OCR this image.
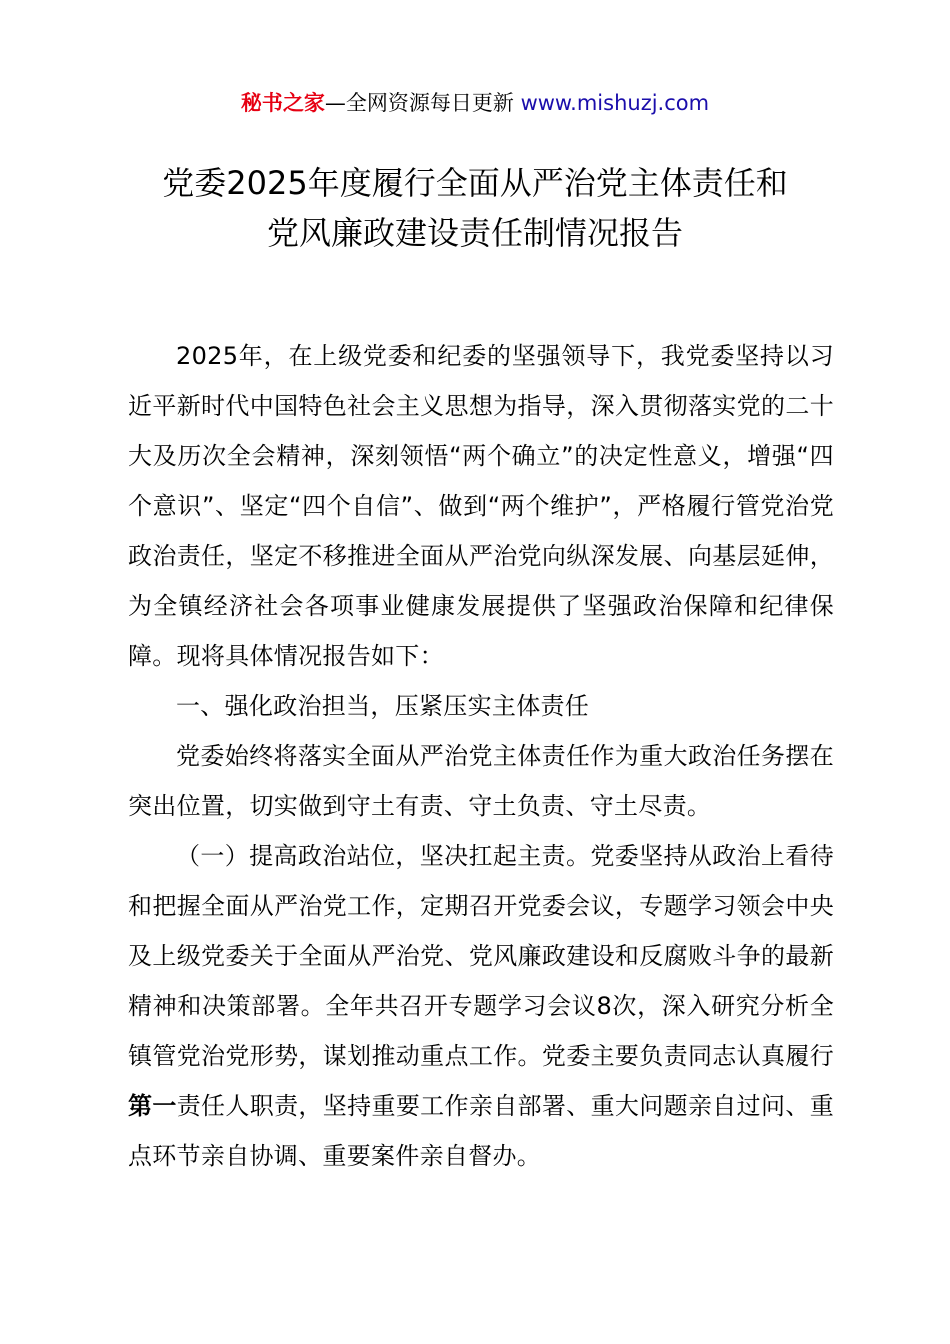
秘书之家—全网资源每日更新 www.mishuzj.com
党委2025年度履行全面从严治党主体责任和
党风廉政建设责任制情况报告

2025年，在上级党委和纪委的坚强领导下，我党委坚持以习近平新时代中国特色社会主义思想为指导，深入贯彻落实党的二十大及历次全会精神，深刻领悟“两个确立”的决定性意义，增强“四个意识”、坚定“四个自信”、做到“两个维护”，严格履行管党治党政治责任，坚定不移推进全面从严治党向纵深发展、向基层延伸，为全镇经济社会各项事业健康发展提供了坚强政治保障和纪律保障。现将具体情况报告如下：

一、强化政治担当，压紧压实主体责任

党委始终将落实全面从严治党主体责任作为重大政治任务摆在突出位置，切实做到守土有责、守土负责、守土尽责。

（一）提高政治站位，坚决扛起主责。党委坚持从政治上看待和把握全面从严治党工作，定期召开党委会议，专题学习领会中央及上级党委关于全面从严治党、党风廉政建设和反腐败斗争的最新精神和决策部署。全年共召开专题学习会议8次，深入研究分析全镇管党治党形势，谋划推动重点工作。党委主要负责同志认真履行第一责任人职责，坚持重要工作亲自部署、重大问题亲自过问、重点环节亲自协调、重要案件亲自督办。
